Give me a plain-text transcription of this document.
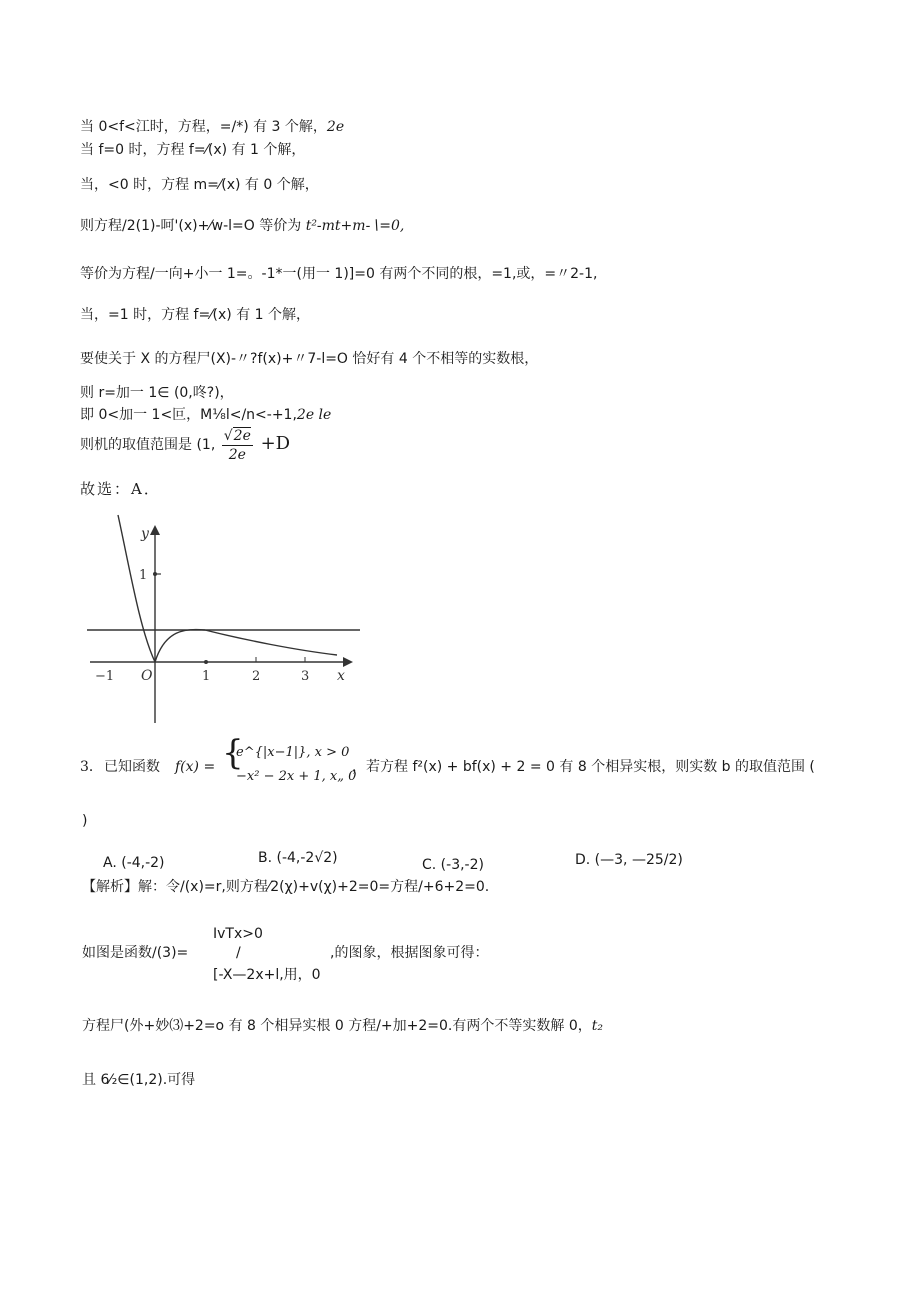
当 0<f<江时，方程，=/*) 有 3 个解，2e
当 f=0 时，方程 f=⁄(x) 有 1 个解，
当，<0 时，方程 m=⁄(x) 有 0 个解，
则方程/2(1)-呵'(x)+⁄w-l=O 等价为 t²-mt+m-∖=0,
等价为方程/一向+小一 1=。-1*一(用一 1)]=0 有两个不同的根，=1,或，=〃2-1,
当，=1 时，方程 f=⁄(x) 有 1 个解，
要使关于 X 的方程尸(X)-〃?f(x)+〃7-l=O 恰好有 4 个不相等的实数根，
则 r=加一 1∈ (0,咚?)，
即 0<加一 1<叵，M⅛l</n<-+1,2e le
则机的取值范围是 (1, $\frac{√2e}{2e} +D$
故选：A．
y
x
O
1
−1	1	2	3
3． 已知函数 f(x) = {
e^{|x−1|}, x > 0
−x² − 2x + 1, x„ 0
，若方程 f²(x) + bf(x) + 2 = 0 有 8 个相异实根，则实数 b 的取值范围 (
)
A. (-4,-2)	B. (-4,-2√2)	C. (-3,-2)	D. (—3, —25/2)
【解析】解：令/(x)=r,则方程⁄2(χ)+v(χ)+2=0=方程/+6+2=0.
如图是函数/(3)=
IvTx>0
/
[-X—2x+l,用，0
,的图象，根据图象可得：
方程尸(外+妙⑶+2=o 有 8 个相异实根 0 方程/+加+2=0.有两个不等实数解 0，t₂
且 6⁄₂∈(1,2).可得
